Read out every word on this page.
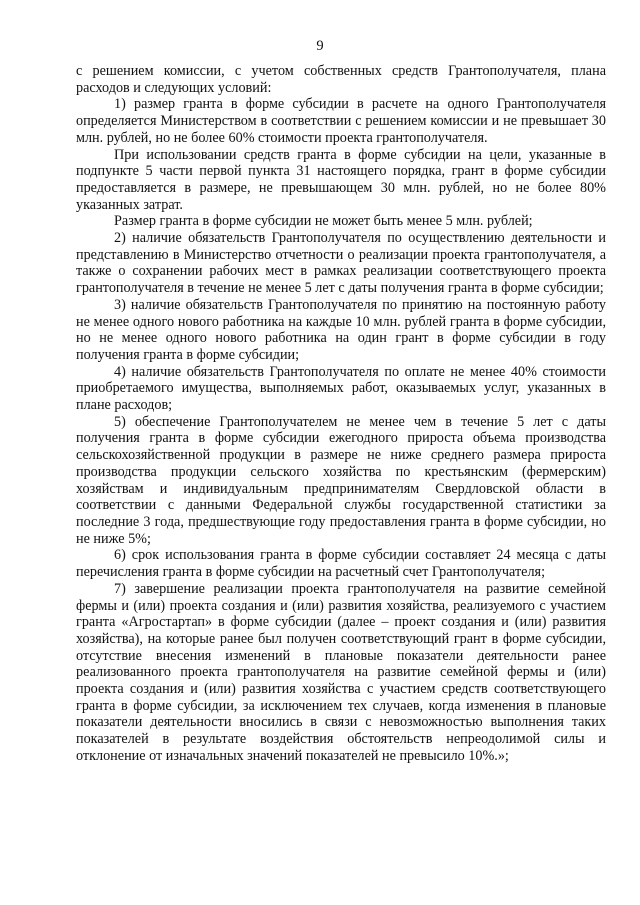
9

с решением комиссии, с учетом собственных средств Грантополучателя, плана расходов и следующих условий:

1) размер гранта в форме субсидии в расчете на одного Грантополучателя определяется Министерством в соответствии с решением комиссии и не превышает 30 млн. рублей, но не более 60% стоимости проекта грантополучателя.

При использовании средств гранта в форме субсидии на цели, указанные в подпункте 5 части первой пункта 31 настоящего порядка, грант в форме субсидии предоставляется в размере, не превышающем 30 млн. рублей, но не более 80% указанных затрат.

Размер гранта в форме субсидии не может быть менее 5 млн. рублей;

2) наличие обязательств Грантополучателя по осуществлению деятельности и представлению в Министерство отчетности о реализации проекта грантополучателя, а также о сохранении рабочих мест в рамках реализации соответствующего проекта грантополучателя в течение не менее 5 лет с даты получения гранта в форме субсидии;

3) наличие обязательств Грантополучателя по принятию на постоянную работу не менее одного нового работника на каждые 10 млн. рублей гранта в форме субсидии, но не менее одного нового работника на один грант в форме субсидии в году получения гранта в форме субсидии;

4) наличие обязательств Грантополучателя по оплате не менее 40% стоимости приобретаемого имущества, выполняемых работ, оказываемых услуг, указанных в плане расходов;

5) обеспечение Грантополучателем не менее чем в течение 5 лет с даты получения гранта в форме субсидии ежегодного прироста объема производства сельскохозяйственной продукции в размере не ниже среднего размера прироста производства продукции сельского хозяйства по крестьянским (фермерским) хозяйствам и индивидуальным предпринимателям Свердловской области в соответствии с данными Федеральной службы государственной статистики за последние 3 года, предшествующие году предоставления гранта в форме субсидии, но не ниже 5%;

6) срок использования гранта в форме субсидии составляет 24 месяца с даты перечисления гранта в форме субсидии на расчетный счет Грантополучателя;

7) завершение реализации проекта грантополучателя на развитие семейной фермы и (или) проекта создания и (или) развития хозяйства, реализуемого с участием гранта «Агростартап» в форме субсидии (далее – проект создания и (или) развития хозяйства), на которые ранее был получен соответствующий грант в форме субсидии, отсутствие внесения изменений в плановые показатели деятельности ранее реализованного проекта грантополучателя на развитие семейной фермы и (или) проекта создания и (или) развития хозяйства с участием средств соответствующего гранта в форме субсидии, за исключением тех случаев, когда изменения в плановые показатели деятельности вносились в связи с невозможностью выполнения таких показателей в результате воздействия обстоятельств непреодолимой силы и отклонение от изначальных значений показателей не превысило 10%.»;
